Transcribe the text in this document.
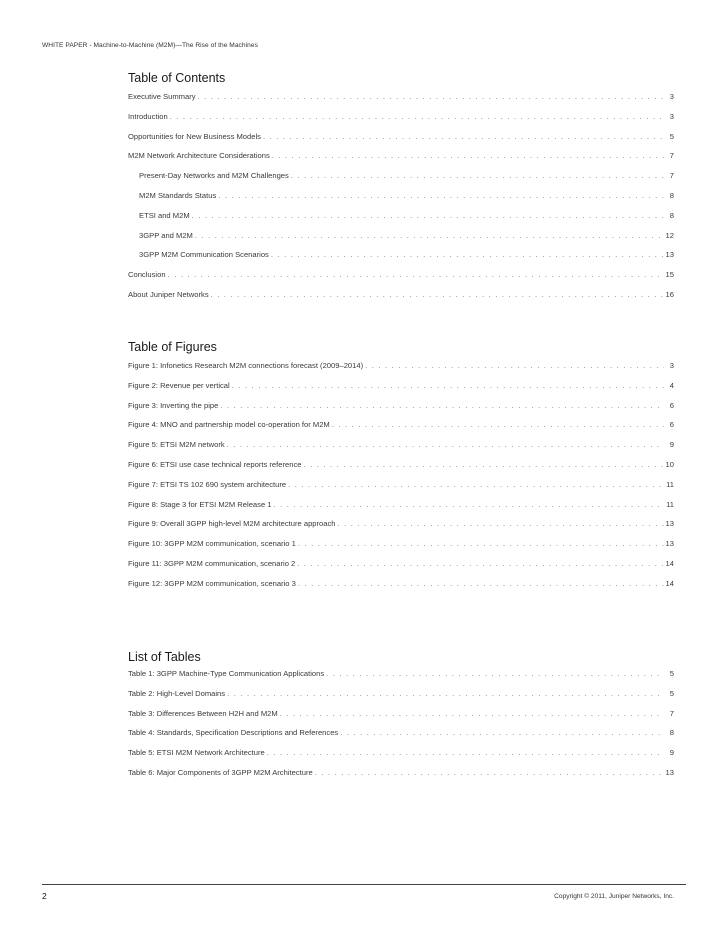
WHITE PAPER - Machine-to-Machine (M2M)—The Rise of the Machines
Table of Contents
Executive Summary . . .	3
Introduction . . .	3
Opportunities for New Business Models . . .	5
M2M Network Architecture Considerations . . .	7
Present-Day Networks and M2M Challenges . . .	7
M2M Standards Status . . .	8
ETSI and M2M . . .	8
3GPP and M2M . . .	12
3GPP M2M Communication Scenarios . . .	13
Conclusion . . .	15
About Juniper Networks . . .	16
Table of Figures
Figure 1: Infonetics Research M2M connections forecast (2009–2014) . . .	3
Figure 2: Revenue per vertical . . .	4
Figure 3: Inverting the pipe . . .	6
Figure 4: MNO and partnership model co-operation for M2M . . .	6
Figure 5: ETSI M2M network . . .	9
Figure 6: ETSI use case technical reports reference . . .	10
Figure 7: ETSI TS 102 690 system architecture . . .	11
Figure 8: Stage 3 for ETSI M2M Release 1 . . .	11
Figure 9: Overall 3GPP high-level M2M architecture approach . . .	13
Figure 10: 3GPP M2M communication, scenario 1 . . .	13
Figure 11: 3GPP M2M communication, scenario 2 . . .	14
Figure 12: 3GPP M2M communication, scenario 3 . . .	14
List of Tables
Table 1: 3GPP Machine-Type Communication Applications . . .	5
Table 2: High-Level Domains . . .	5
Table 3: Differences Between H2H and M2M . . .	7
Table 4: Standards, Specification Descriptions and References . . .	8
Table 5: ETSI M2M Network Architecture . . .	9
Table 6: Major Components of 3GPP M2M Architecture . . .	13
2	Copyright © 2011, Juniper Networks, Inc.
